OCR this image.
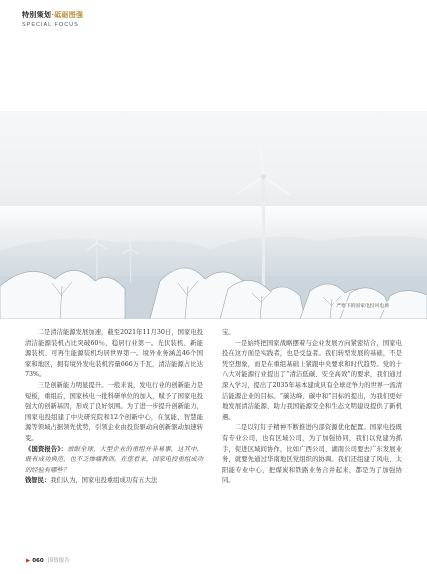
特别策划·砥砺图强
SPECIAL FOCUS
严寒下的国家电投风电场

二是清洁能源发展加速，截至2021年11月30日，国家电投清洁能源装机占比突破60％，稳居行业第一。光伏装机、新能源装机、可再生能源装机均居世界第一。境外业务涵盖46个国家和地区，拥有境外发电装机容量666万千瓦，清洁能源占比达73%。

三是创新能力明显提升。一般来说，发电行业的创新能力是短板，重组后，国家核电一批科研单位的加入，赋予了国家电投强大的创新基因，形成了良好氛围。为了进一步提升创新能力，国家电投组建了中央研究院和12个创新中心，在氢能、智慧能源等领域占据领先优势，引领企业由投资驱动向创新驱动加速转变。

《国资报告》：放眼全球，大型企业的重组并非易事，这其中，既有成功典范，也不乏惨痛教训。在您看来，国家电投重组成功的经验有哪些？

钱智民：我们认为，国家电投重组成功有五大法

宝。

一是始终把国家战略摆着与企业发展方向紧密结合，国家电投在这方面是实践者，也是受益者。我们转型发展的基础，不是凭空想象，而是在重组基础上紧跟中央要求和时代趋势。党的十八大对能源行业提出了“清洁低碳、安全高效”的要求，我们通过深入学习，提出了2035年基本建成具有全球竞争力的世界一流清洁能源企业的目标。“碳达峰、碳中和”目标的提出，为我们更好地发展清洁能源、助力我国能源安全和生态文明建设提供了新机遇。

二是以钉钉子精神不断推进内部资源优化配置。国家电投既有专业公司，也有区域公司，为了加强协同，我们以党建为抓手，促进区域间协作，比如广西公司、湖南公司要去广东发展业务，就要先通过华南地区党组织的协调。我们还组建了风电、太阳能专业中心，把煤炭和铁路业务合并起来，都是为了加强协同。

▶ 060 国资报告
